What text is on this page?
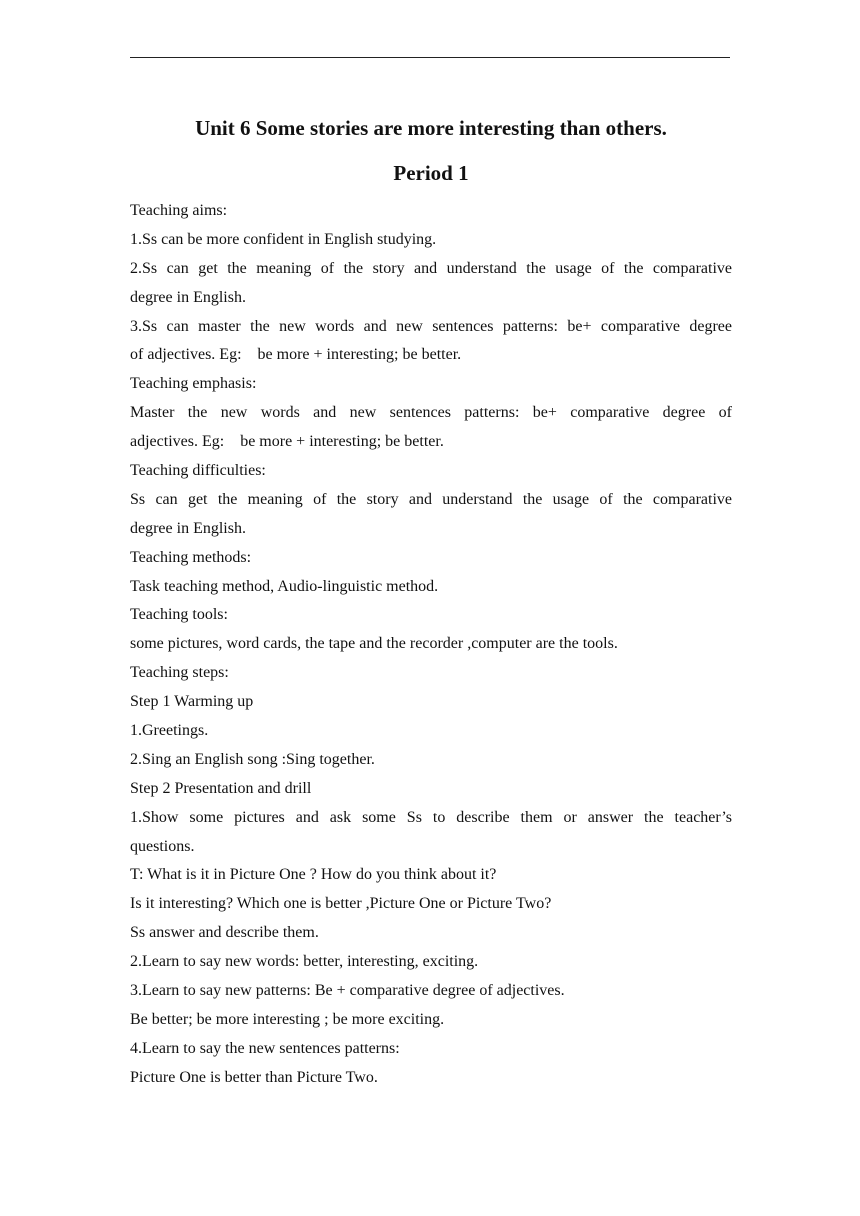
Unit 6 Some stories are more interesting than others.
Period 1

Teaching aims:

1.Ss can be more confident in English studying.

2.Ss can get the meaning of the story and understand the usage of the comparative

degree in English.

3.Ss can master the new words and new sentences patterns: be+ comparative degree

of adjectives. Eg:    be more + interesting; be better.

Teaching emphasis:

Master the new words and new sentences patterns: be+ comparative degree of

adjectives. Eg:    be more + interesting; be better.

Teaching difficulties:

Ss can get the meaning of the story and understand the usage of the comparative

degree in English.

Teaching methods:

Task teaching method, Audio-linguistic method.

Teaching tools:

some pictures, word cards, the tape and the recorder ,computer are the tools.

Teaching steps:

Step 1 Warming up

1.Greetings.

2.Sing an English song :Sing together.

Step 2 Presentation and drill

1.Show some pictures and ask some Ss to describe them or answer the teacher’s

questions.

T: What is it in Picture One ? How do you think about it?

Is it interesting? Which one is better ,Picture One or Picture Two?

Ss answer and describe them.

2.Learn to say new words: better, interesting, exciting.

3.Learn to say new patterns: Be + comparative degree of adjectives.

Be better; be more interesting ; be more exciting.

4.Learn to say the new sentences patterns:

Picture One is better than Picture Two.
